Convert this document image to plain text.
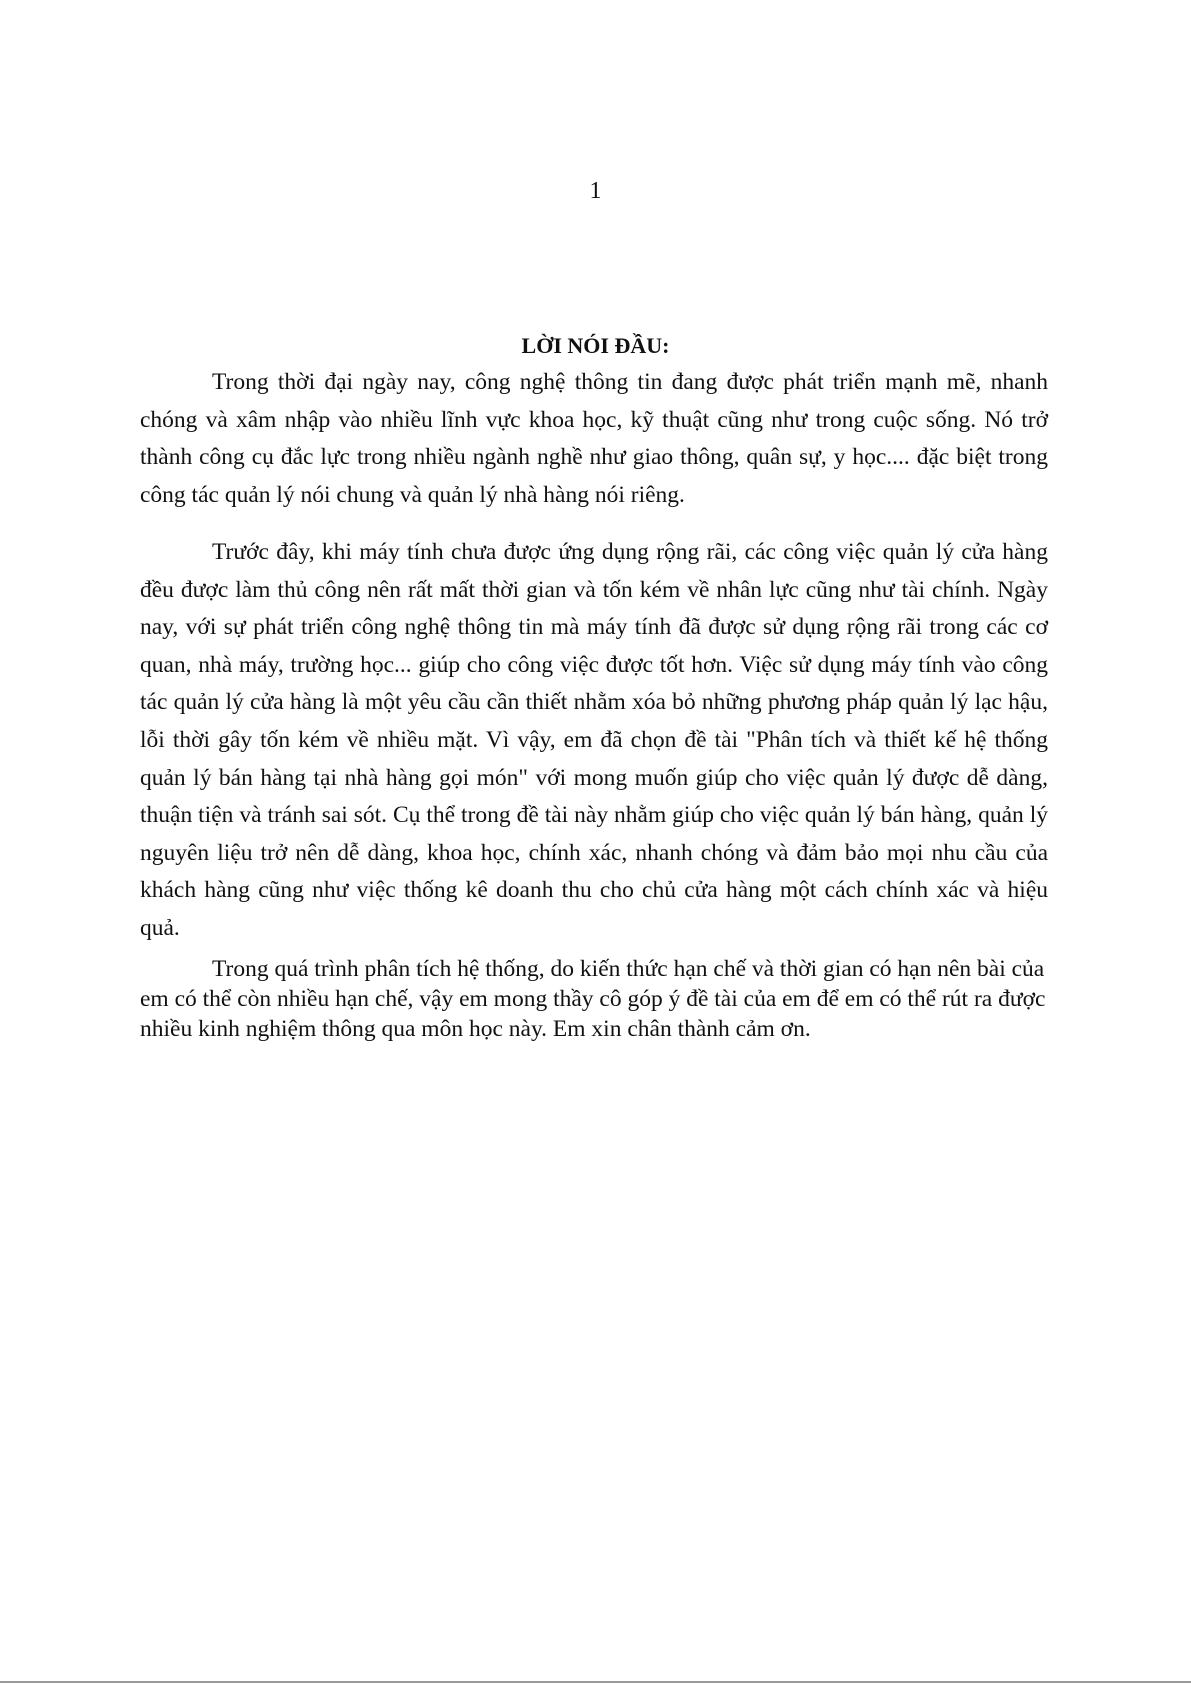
1
LỜI NÓI ĐẦU:

Trong thời đại ngày nay, công nghệ thông tin đang được phát triển mạnh mẽ, nhanh chóng và xâm nhập vào nhiều lĩnh vực khoa học, kỹ thuật cũng như trong cuộc sống. Nó trở thành công cụ đắc lực trong nhiều ngành nghề như giao thông, quân sự, y học.... đặc biệt trong công tác quản lý nói chung và quản lý nhà hàng nói riêng.

Trước đây, khi máy tính chưa được ứng dụng rộng rãi, các công việc quản lý cửa hàng đều được làm thủ công nên rất mất thời gian và tốn kém về nhân lực cũng như tài chính. Ngày nay, với sự phát triển công nghệ thông tin mà máy tính đã được sử dụng rộng rãi trong các cơ quan, nhà máy, trường học... giúp cho công việc được tốt hơn. Việc sử dụng máy tính vào công tác quản lý cửa hàng là một yêu cầu cần thiết nhằm xóa bỏ những phương pháp quản lý lạc hậu, lỗi thời gây tốn kém về nhiều mặt. Vì vậy, em đã chọn đề tài "Phân tích và thiết kế hệ thống quản lý bán hàng tại nhà hàng gọi món" với mong muốn giúp cho việc quản lý được dễ dàng, thuận tiện và tránh sai sót. Cụ thể trong đề tài này nhằm giúp cho việc quản lý bán hàng, quản lý nguyên liệu trở nên dễ dàng, khoa học, chính xác, nhanh chóng và đảm bảo mọi nhu cầu của khách hàng cũng như việc thống kê doanh thu cho chủ cửa hàng một cách chính xác và hiệu quả.

Trong quá trình phân tích hệ thống, do kiến thức hạn chế và thời gian có hạn nên bài của em có thể còn nhiều hạn chế, vậy em mong thầy cô góp ý đề tài của em để em có thể rút ra được nhiều kinh nghiệm thông qua môn học này. Em xin chân thành cảm ơn.
